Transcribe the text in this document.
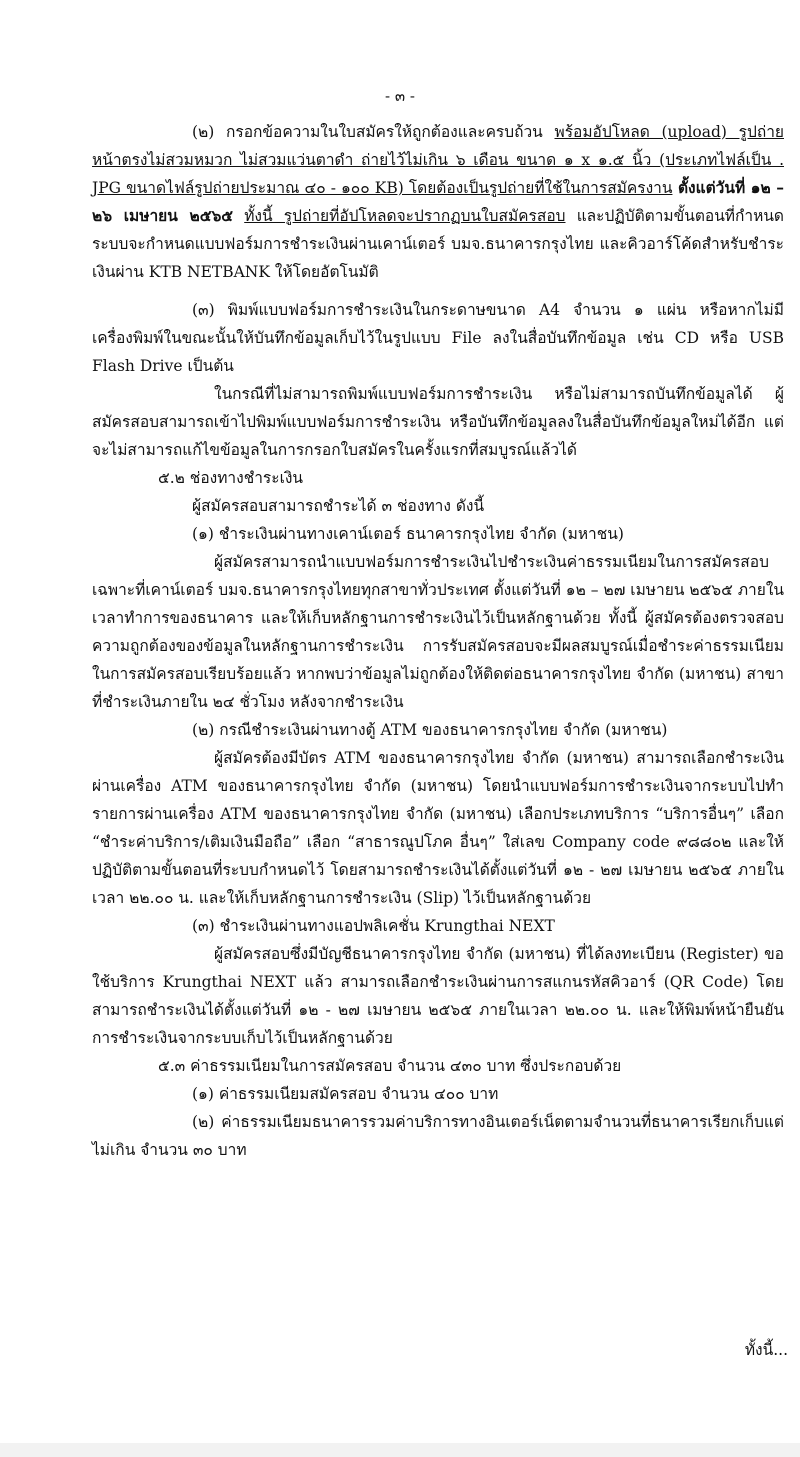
- ๓ -

(๒) กรอกข้อความในใบสมัครให้ถูกต้องและครบถ้วน พร้อมอัปโหลด (upload) รูปถ่ายหน้าตรงไม่สวมหมวก ไม่สวมแว่นตาดำ ถ่ายไว้ไม่เกิน ๖ เดือน ขนาด ๑ x ๑.๕ นิ้ว (ประเภทไฟล์เป็น . JPG ขนาดไฟล์รูปถ่ายประมาณ ๔๐ - ๑๐๐ KB) โดยต้องเป็นรูปถ่ายที่ใช้ในการสมัครงาน ตั้งแต่วันที่ ๑๒ – ๒๖ เมษายน ๒๕๖๕ ทั้งนี้ รูปถ่ายที่อัปโหลดจะปรากฏบนใบสมัครสอบ และปฏิบัติตามขั้นตอนที่กำหนด ระบบจะกำหนดแบบฟอร์มการชำระเงินผ่านเคาน์เตอร์ บมจ.ธนาคารกรุงไทย และคิวอาร์โค้ดสำหรับชำระเงินผ่าน KTB NETBANK ให้โดยอัตโนมัติ

(๓) พิมพ์แบบฟอร์มการชำระเงินในกระดาษขนาด A4 จำนวน ๑ แผ่น หรือหากไม่มีเครื่องพิมพ์ในขณะนั้นให้บันทึกข้อมูลเก็บไว้ในรูปแบบ File ลงในสื่อบันทึกข้อมูล เช่น CD หรือ USB Flash Drive เป็นต้น

ในกรณีที่ไม่สามารถพิมพ์แบบฟอร์มการชำระเงิน หรือไม่สามารถบันทึกข้อมูลได้ ผู้สมัครสอบสามารถเข้าไปพิมพ์แบบฟอร์มการชำระเงิน หรือบันทึกข้อมูลลงในสื่อบันทึกข้อมูลใหม่ได้อีก แต่จะไม่สามารถแก้ไขข้อมูลในการกรอกใบสมัครในครั้งแรกที่สมบูรณ์แล้วได้

๕.๒ ช่องทางชำระเงิน

ผู้สมัครสอบสามารถชำระได้ ๓ ช่องทาง ดังนี้

(๑) ชำระเงินผ่านทางเคาน์เตอร์ ธนาคารกรุงไทย จำกัด (มหาชน)

ผู้สมัครสามารถนำแบบฟอร์มการชำระเงินไปชำระเงินค่าธรรมเนียมในการสมัครสอบ เฉพาะที่เคาน์เตอร์ บมจ.ธนาคารกรุงไทยทุกสาขาทั่วประเทศ ตั้งแต่วันที่ ๑๒ – ๒๗ เมษายน ๒๕๖๕ ภายในเวลาทำการของธนาคาร และให้เก็บหลักฐานการชำระเงินไว้เป็นหลักฐานด้วย ทั้งนี้ ผู้สมัครต้องตรวจสอบความถูกต้องของข้อมูลในหลักฐานการชำระเงิน การรับสมัครสอบจะมีผลสมบูรณ์เมื่อชำระค่าธรรมเนียมในการสมัครสอบเรียบร้อยแล้ว หากพบว่าข้อมูลไม่ถูกต้องให้ติดต่อธนาคารกรุงไทย จำกัด (มหาชน) สาขาที่ชำระเงินภายใน ๒๔ ชั่วโมง หลังจากชำระเงิน

(๒) กรณีชำระเงินผ่านทางตู้ ATM ของธนาคารกรุงไทย จำกัด (มหาชน)

ผู้สมัครต้องมีบัตร ATM ของธนาคารกรุงไทย จำกัด (มหาชน) สามารถเลือกชำระเงินผ่านเครื่อง ATM ของธนาคารกรุงไทย จำกัด (มหาชน) โดยนำแบบฟอร์มการชำระเงินจากระบบไปทำรายการผ่านเครื่อง ATM ของธนาคารกรุงไทย จำกัด (มหาชน) เลือกประเภทบริการ “บริการอื่นๆ” เลือก “ชำระค่าบริการ/เติมเงินมือถือ” เลือก “สาธารณูปโภค อื่นๆ” ใส่เลข Company code ๙๘๘๐๒ และให้ปฏิบัติตามขั้นตอนที่ระบบกำหนดไว้ โดยสามารถชำระเงินได้ตั้งแต่วันที่ ๑๒ - ๒๗ เมษายน ๒๕๖๕ ภายในเวลา ๒๒.๐๐ น. และให้เก็บหลักฐานการชำระเงิน (Slip) ไว้เป็นหลักฐานด้วย

(๓) ชำระเงินผ่านทางแอปพลิเคชั่น Krungthai NEXT

ผู้สมัครสอบซึ่งมีบัญชีธนาคารกรุงไทย จำกัด (มหาชน) ที่ได้ลงทะเบียน (Register) ขอใช้บริการ Krungthai NEXT แล้ว สามารถเลือกชำระเงินผ่านการสแกนรหัสคิวอาร์ (QR Code) โดยสามารถชำระเงินได้ตั้งแต่วันที่ ๑๒ - ๒๗ เมษายน ๒๕๖๕ ภายในเวลา ๒๒.๐๐ น. และให้พิมพ์หน้ายืนยันการชำระเงินจากระบบเก็บไว้เป็นหลักฐานด้วย

๕.๓ ค่าธรรมเนียมในการสมัครสอบ จำนวน ๔๓๐ บาท ซึ่งประกอบด้วย

(๑) ค่าธรรมเนียมสมัครสอบ จำนวน ๔๐๐ บาท

(๒) ค่าธรรมเนียมธนาคารรวมค่าบริการทางอินเตอร์เน็ตตามจำนวนที่ธนาคารเรียกเก็บแต่ไม่เกิน จำนวน ๓๐ บาท

ทั้งนี้...
